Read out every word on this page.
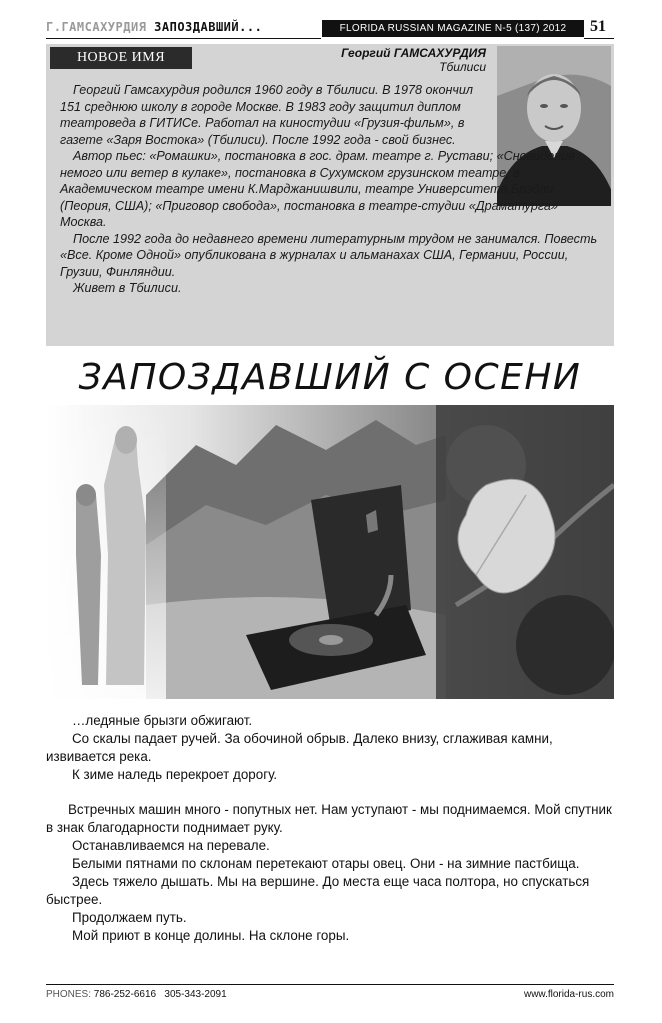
Г.ГАМСАХУРДИЯ ЗАПОЗДАВШИЙ...	FLORIDA RUSSIAN MAGAZINE N-5 (137) 2012	51
НОВОЕ ИМЯ	Георгий ГАМСАХУРДИЯ
Тбилиси

Георгий Гамсахурдия родился 1960 году в Тбилиси. В 1978 окончил 151 среднюю школу в городе Москве. В 1983 году защитил диплом театроведа в ГИТИСе. Работал на киностудии «Грузия-фильм», в газете «Заря Востока» (Тбилиси). После 1992 года - свой бизнес.

Автор пьес: «Ромашки», постановка в гос. драм. театре г. Рустави; «Сновидения немого или ветер в кулаке», постановка в Сухумском грузинском театре, в Академическом театре имени К.Марджанишвили, театре Университета Брэдли (Пеория, США); «Приговор свобода», постановка в театре-студии «Драматурга» Москва.

После 1992 года до недавнего времени литературным трудом не занимался. Повесть «Все. Кроме Одной» опубликована в журналах и альманахах США, Германии, России, Грузии, Финляндии.

Живет в Тбилиси.

ЗАПОЗДАВШИЙ С ОСЕНИ

…ледяные брызги обжигают.

Со скалы падает ручей. За обочиной обрыв. Далеко внизу, сглаживая камни, извивается река.

К зиме наледь перекроет дорогу.

Встречных машин много - попутных нет. Нам уступают - мы поднимаемся. Мой спутник в знак благодарности поднимает руку.

Останавливаемся на перевале.

Белыми пятнами по склонам перетекают отары овец. Они - на зимние пастбища.

Здесь тяжело дышать. Мы на вершине. До места еще часа полтора, но спускаться быстрее.

Продолжаем путь.

Мой приют в конце долины. На склоне горы.

PHONES: 786-252-6616   305-343-2091	www.florida-rus.com
